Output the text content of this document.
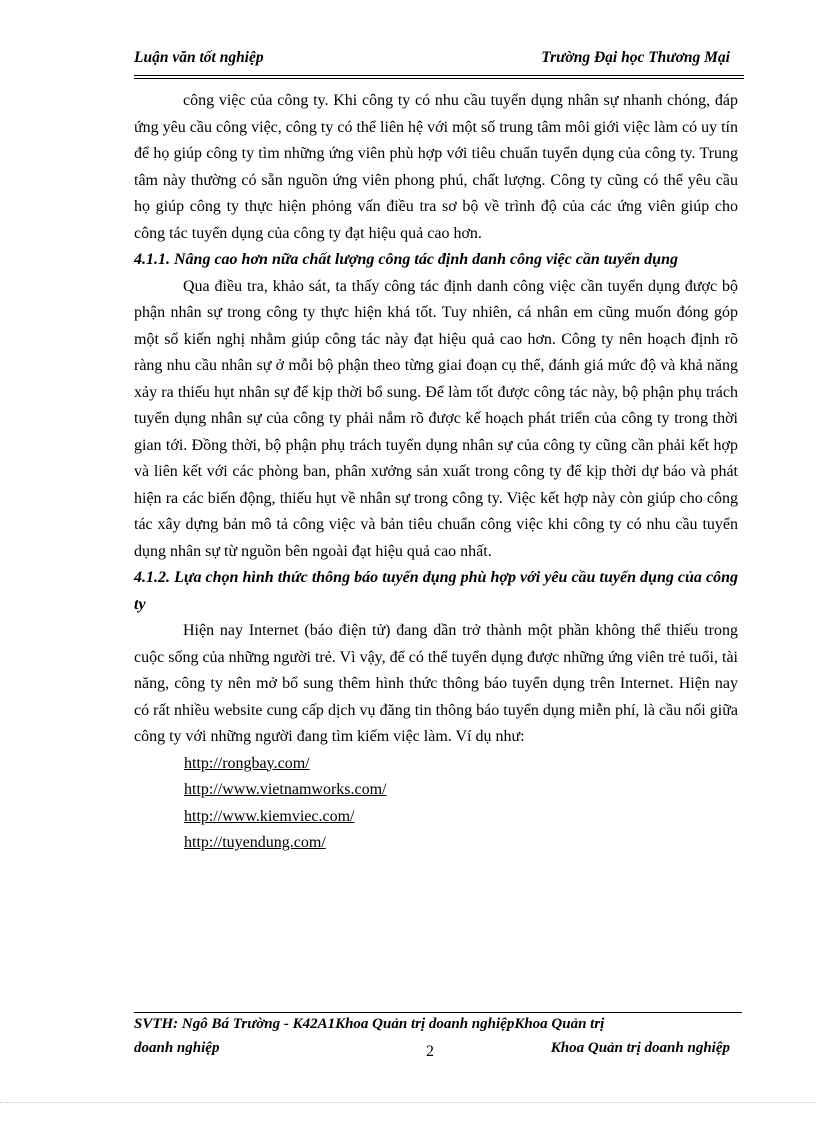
Luận văn tốt nghiệp	Trường Đại học Thương Mại

công việc của công ty. Khi công ty có nhu cầu tuyển dụng nhân sự nhanh chóng, đáp ứng yêu cầu công việc, công ty có thể liên hệ với một số trung tâm môi giới việc làm có uy tín để họ giúp công ty tìm những ứng viên phù hợp với tiêu chuẩn tuyển dụng của công ty. Trung tâm này thường có sẵn nguồn ứng viên phong phú, chất lượng. Công ty cũng có thể yêu cầu họ giúp công ty thực hiện phỏng vấn điều tra sơ bộ về trình độ của các ứng viên giúp cho công tác tuyển dụng của công ty đạt hiệu quả cao hơn.

4.1.1. Nâng cao hơn nữa chất lượng công tác định danh công việc cần tuyển dụng

Qua điều tra, khảo sát, ta thấy công tác định danh công việc cần tuyển dụng được bộ phận nhân sự trong công ty thực hiện khá tốt. Tuy nhiên, cá nhân em cũng muốn đóng góp một số kiến nghị nhằm giúp công tác này đạt hiệu quả cao hơn. Công ty nên hoạch định rõ ràng nhu cầu nhân sự ở mỗi bộ phận theo từng giai đoạn cụ thể, đánh giá mức độ và khả năng xảy ra thiếu hụt nhân sự để kịp thời bổ sung. Để làm tốt được công tác này, bộ phận phụ trách tuyển dụng nhân sự của công ty phải nắm rõ được kế hoạch phát triển của công ty trong thời gian tới. Đồng thời, bộ phận phụ trách tuyển dụng nhân sự của công ty cũng cần phải kết hợp và liên kết với các phòng ban, phân xưởng sản xuất trong công ty để kịp thời dự báo và phát hiện ra các biến động, thiếu hụt về nhân sự trong công ty. Việc kết hợp này còn giúp cho công tác xây dựng bản mô tả công việc và bản tiêu chuẩn công việc khi công ty có nhu cầu tuyển dụng nhân sự từ nguồn bên ngoài đạt hiệu quả cao nhất.

4.1.2. Lựa chọn hình thức thông báo tuyển dụng phù hợp với yêu cầu tuyển dụng của công ty

Hiện nay Internet (báo điện tử) đang dần trở thành một phần không thể thiếu trong cuộc sống của những người trẻ. Vì vậy, để có thể tuyển dụng được những ứng viên trẻ tuổi, tài năng, công ty nên mở bổ sung thêm hình thức thông báo tuyển dụng trên Internet. Hiện nay có rất nhiều website cung cấp dịch vụ đăng tin thông báo tuyển dụng miễn phí, là cầu nối giữa công ty với những người đang tìm kiếm việc làm. Ví dụ như:

http://rongbay.com/
http://www.vietnamworks.com/
http://www.kiemviec.com/
http://tuyendung.com/
SVTH: Ngô Bá Trường - K42A1Khoa Quản trị doanh nghiệpKhoa Quản trị
doanh nghiệp	2	Khoa Quản trị doanh nghiệp
